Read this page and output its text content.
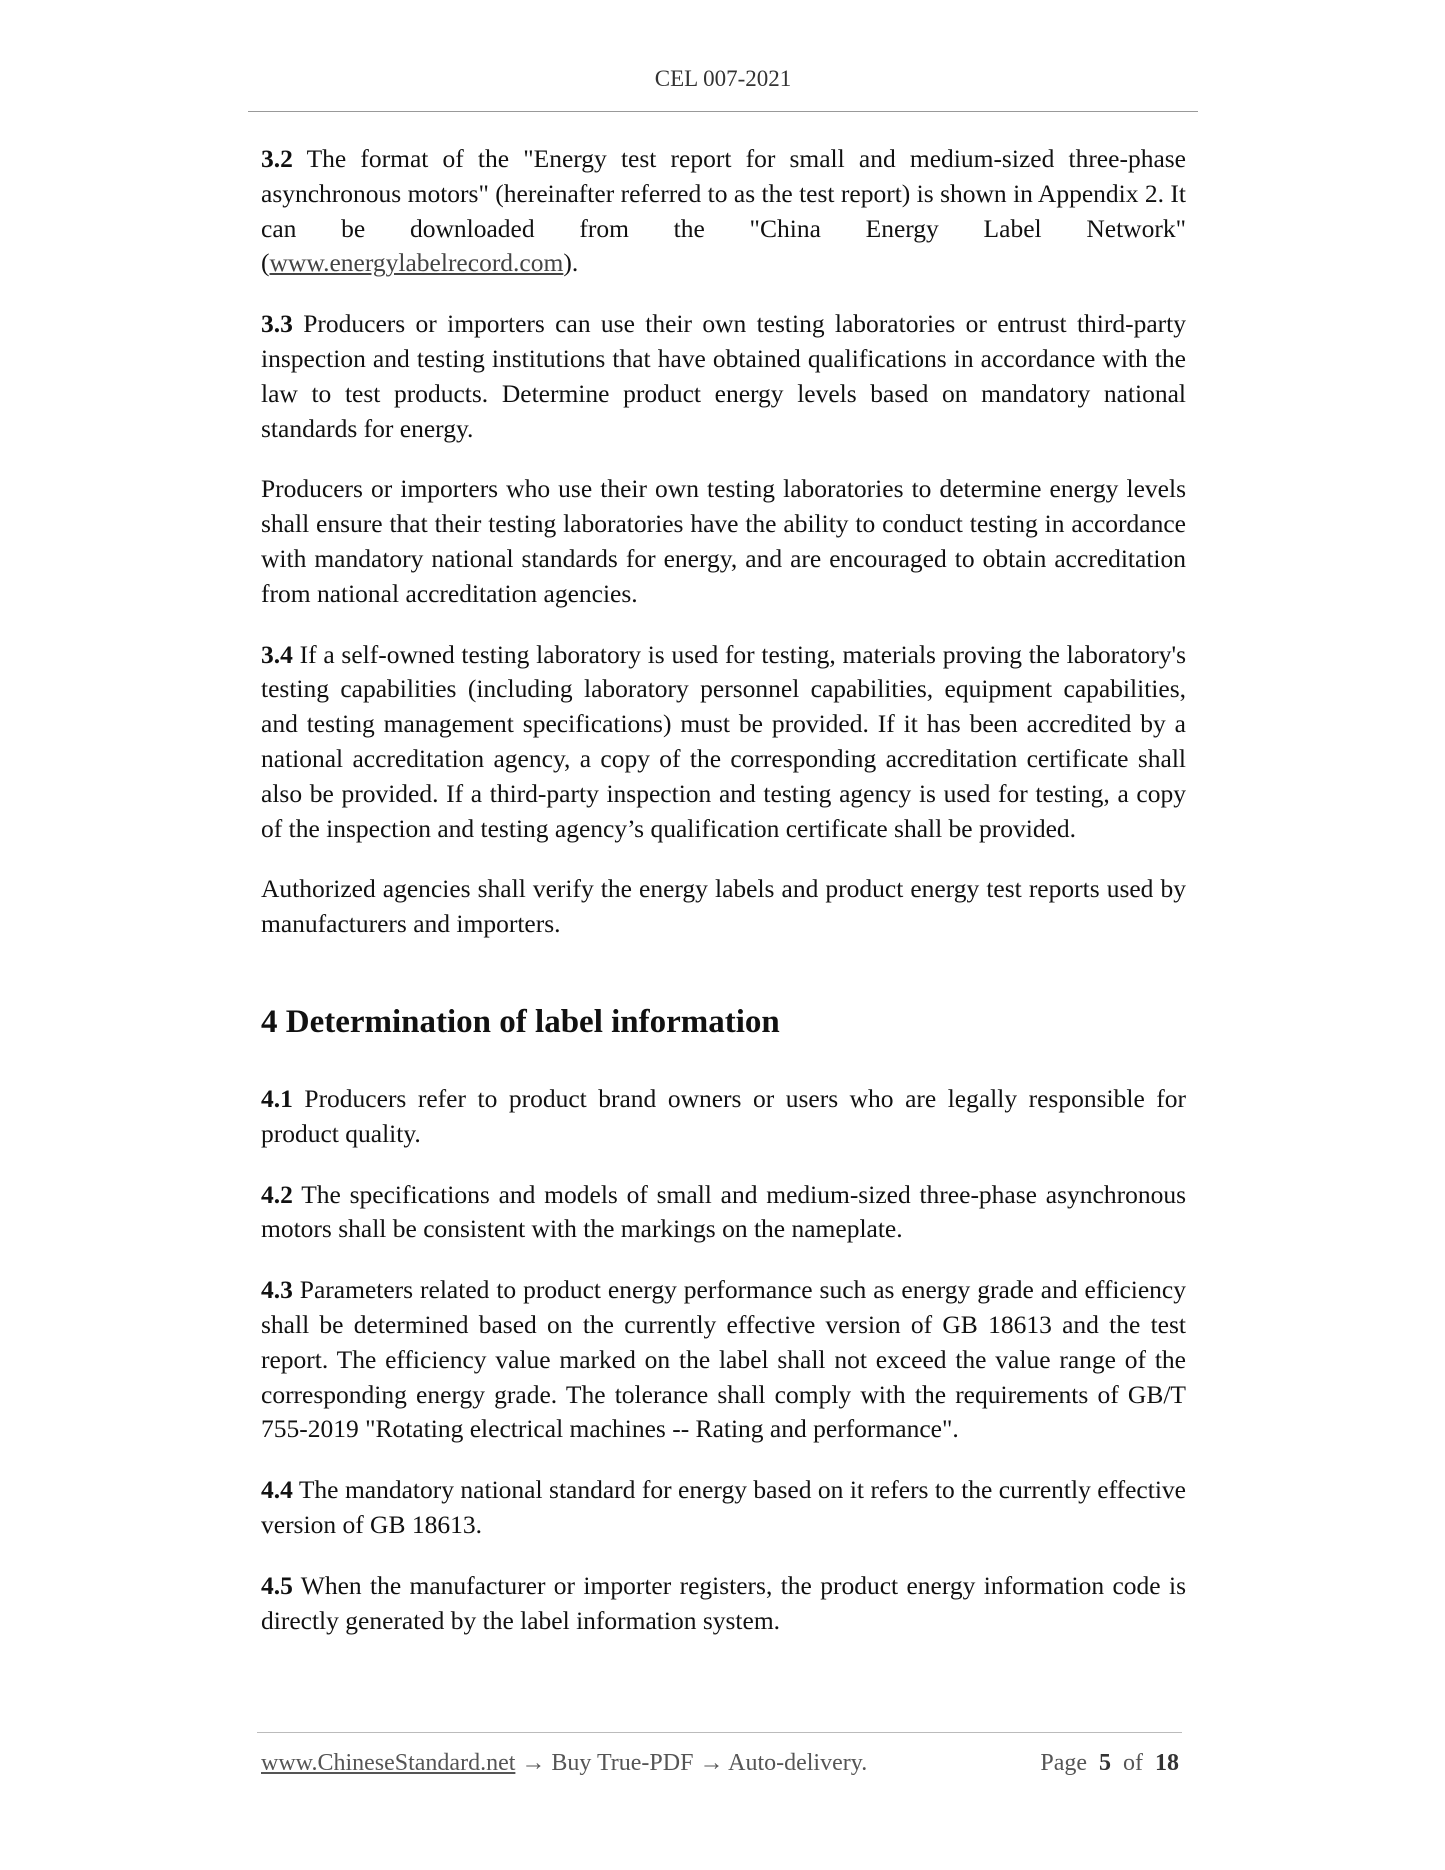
CEL 007-2021

3.2 The format of the "Energy test report for small and medium-sized three-phase asynchronous motors" (hereinafter referred to as the test report) is shown in Appendix 2. It can be downloaded from the "China Energy Label Network" (www.energylabelrecord.com).

3.3 Producers or importers can use their own testing laboratories or entrust third-party inspection and testing institutions that have obtained qualifications in accordance with the law to test products. Determine product energy levels based on mandatory national standards for energy.

Producers or importers who use their own testing laboratories to determine energy levels shall ensure that their testing laboratories have the ability to conduct testing in accordance with mandatory national standards for energy, and are encouraged to obtain accreditation from national accreditation agencies.

3.4 If a self-owned testing laboratory is used for testing, materials proving the laboratory's testing capabilities (including laboratory personnel capabilities, equipment capabilities, and testing management specifications) must be provided. If it has been accredited by a national accreditation agency, a copy of the corresponding accreditation certificate shall also be provided. If a third-party inspection and testing agency is used for testing, a copy of the inspection and testing agency’s qualification certificate shall be provided.

Authorized agencies shall verify the energy labels and product energy test reports used by manufacturers and importers.

4 Determination of label information

4.1 Producers refer to product brand owners or users who are legally responsible for product quality.

4.2 The specifications and models of small and medium-sized three-phase asynchronous motors shall be consistent with the markings on the nameplate.

4.3 Parameters related to product energy performance such as energy grade and efficiency shall be determined based on the currently effective version of GB 18613 and the test report. The efficiency value marked on the label shall not exceed the value range of the corresponding energy grade. The tolerance shall comply with the requirements of GB/T 755-2019 "Rotating electrical machines -- Rating and performance".

4.4 The mandatory national standard for energy based on it refers to the currently effective version of GB 18613.

4.5 When the manufacturer or importer registers, the product energy information code is directly generated by the label information system.

www.ChineseStandard.net → Buy True-PDF → Auto-delivery.	Page 5 of 18
